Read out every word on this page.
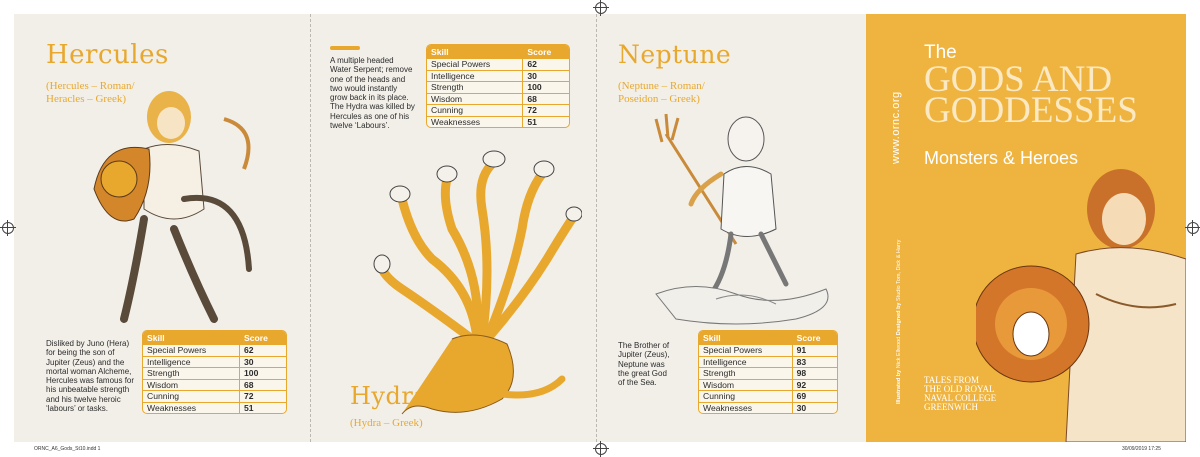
Hercules
(Hercules – Roman/
Heracles – Greek)
Disliked by Juno (Hera)
for being the son of
Jupiter (Zeus) and the
mortal woman Alcheme,
Hercules was famous for
his unbeatable strength
and his twelve heroic
‘labours’ or tasks.
Skill	Score
Special Powers	62
Intelligence	30
Strength	100
Wisdom	68
Cunning	72
Weaknesses	51
A multiple headed
Water Serpent; remove
one of the heads and
two would instantly
grow back in its place.
The Hydra was killed by
Hercules as one of his
twelve ‘Labours’.
Skill	Score
Special Powers	62
Intelligence	30
Strength	100
Wisdom	68
Cunning	72
Weaknesses	51
Hydra
(Hydra – Greek)
Neptune
(Neptune – Roman/
Poseidon – Greek)
The Brother of
Jupiter (Zeus),
Neptune was
the great God
of the Sea.
Skill	Score
Special Powers	91
Intelligence	83
Strength	98
Wisdom	92
Cunning	69
Weaknesses	30
www.ornc.org
Illustrated by Nick Ellwood Designed by Studio Tom, Dick & Harry
The
GODS AND
GODDESSES
Monsters & Heroes
TALES FROM
THE OLD ROYAL
NAVAL COLLEGE
GREENWICH
ORNC_A6_Gods_St10.indd 1	30/09/2019 17:25
